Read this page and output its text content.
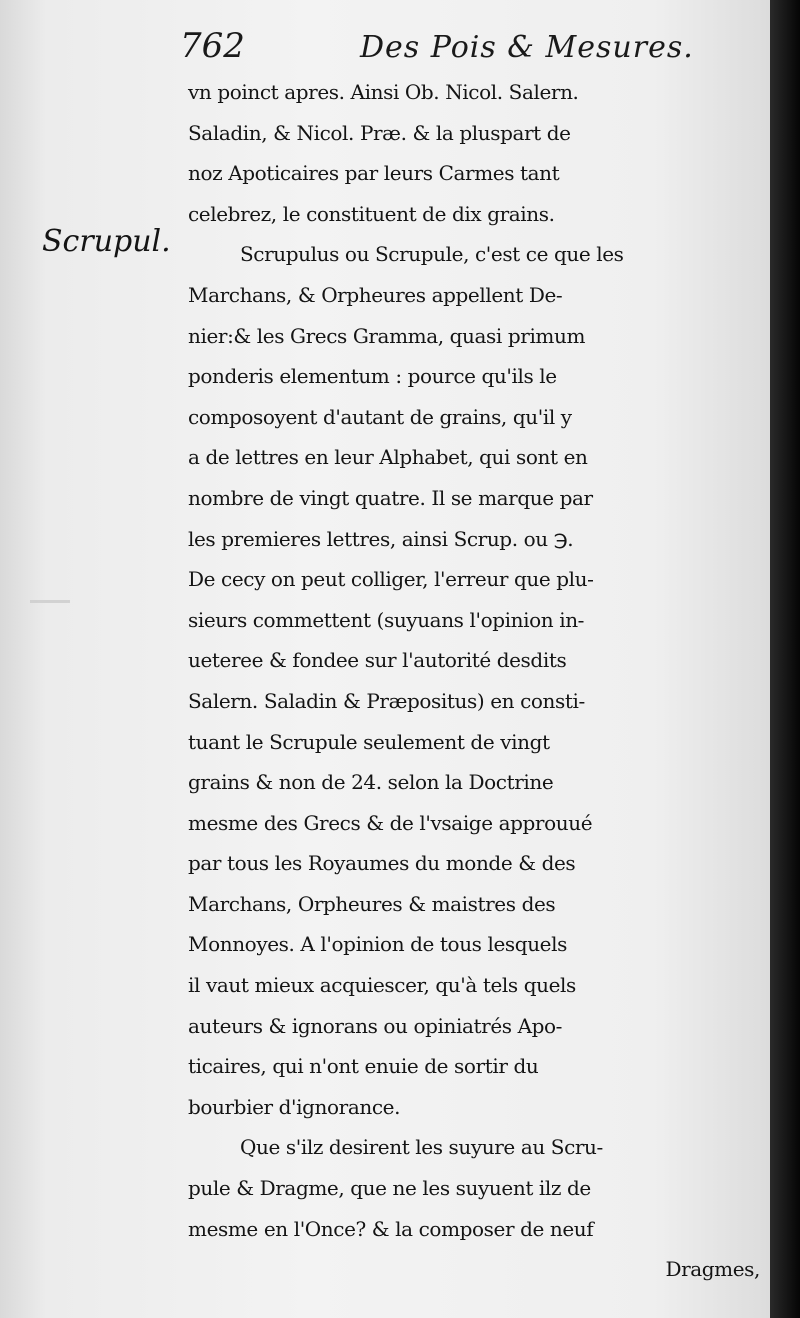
762	Des Pois & Mesures.
Scrupul.
vn poinct apres. Ainsi Ob. Nicol. Salern.
Saladin, & Nicol. Præ. & la pluspart de
noz Apoticaires par leurs Carmes tant
celebrez, le constituent de dix grains.
Scrupulus ou Scrupule, c'est ce que les
Marchans, & Orpheures appellent De-
nier:& les Grecs Gramma, quasi primum
ponderis elementum : pource qu'ils le
composoyent d'autant de grains, qu'il y
a de lettres en leur Alphabet, qui sont en
nombre de vingt quatre. Il se marque par
les premieres lettres, ainsi Scrup. ou ℈.
De cecy on peut colliger, l'erreur que plu-
sieurs commettent (suyuans l'opinion in-
ueteree & fondee sur l'autorité desdits
Salern. Saladin & Præpositus) en consti-
tuant le Scrupule seulement de vingt
grains & non de 24. selon la Doctrine
mesme des Grecs & de l'vsaige approuué
par tous les Royaumes du monde & des
Marchans, Orpheures & maistres des
Monnoyes. A l'opinion de tous lesquels
il vaut mieux acquiescer, qu'à tels quels
auteurs & ignorans ou opiniatrés Apo-
ticaires, qui n'ont enuie de sortir du
bourbier d'ignorance.
Que s'ilz desirent les suyure au Scru-
pule & Dragme, que ne les suyuent ilz de
mesme en l'Once? & la composer de neuf
Dragmes,
